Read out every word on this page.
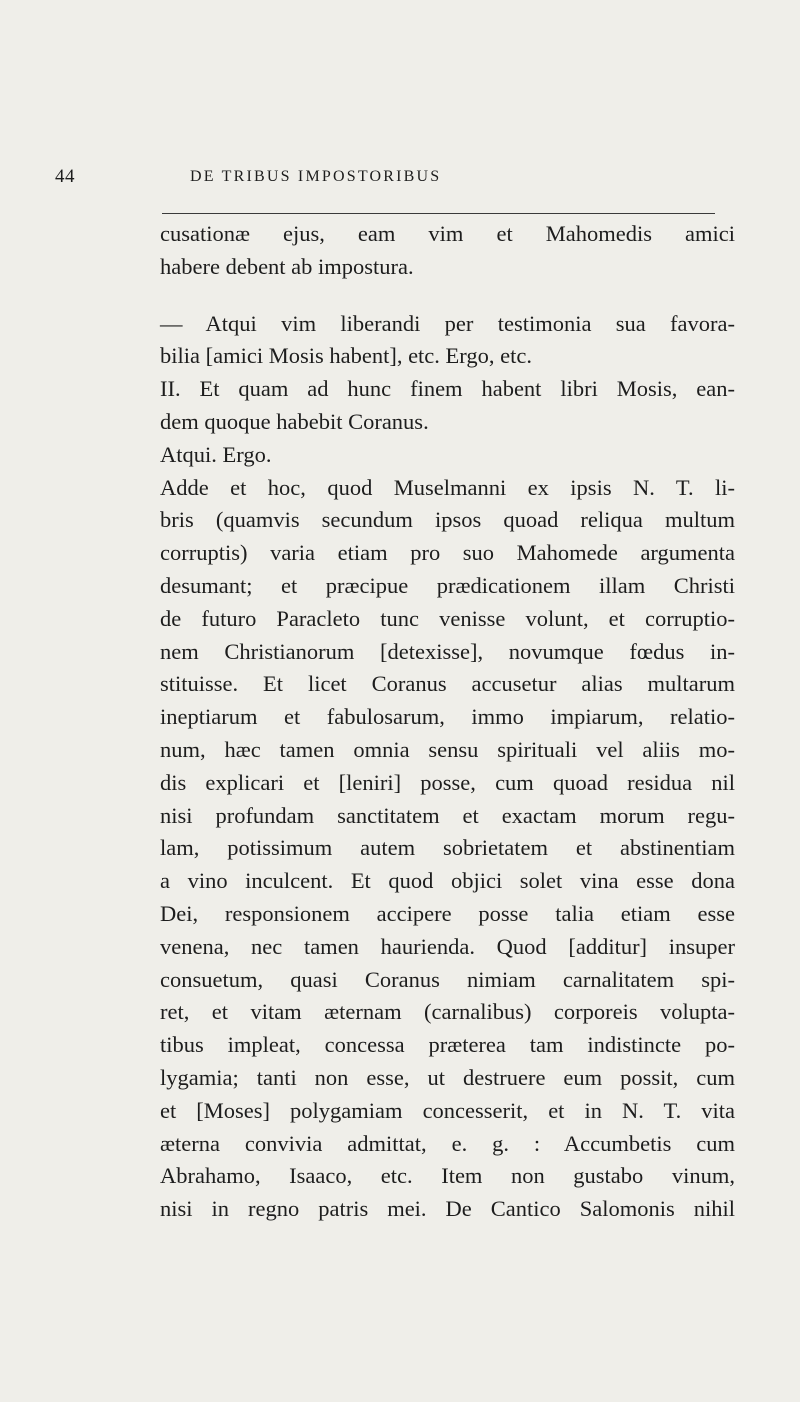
44	DE TRIBUS IMPOSTORIBUS
cusationæ ejus, eam vim et Mahomedis amici
habere debent ab impostura.
— Atqui vim liberandi per testimonia sua favora-
bilia [amici Mosis habent], etc. Ergo, etc.
II. Et quam ad hunc finem habent libri Mosis, ean-
dem quoque habebit Coranus.
Atqui. Ergo.
Adde et hoc, quod Muselmanni ex ipsis N. T. li-
bris (quamvis secundum ipsos quoad reliqua multum
corruptis) varia etiam pro suo Mahomede argumenta
desumant; et præcipue prædicationem illam Christi
de futuro Paracleto tunc venisse volunt, et corruptio-
nem Christianorum [detexisse], novumque fœdus in-
stituisse. Et licet Coranus accusetur alias multarum
ineptiarum et fabulosarum, immo impiarum, relatio-
num, hæc tamen omnia sensu spirituali vel aliis mo-
dis explicari et [leniri] posse, cum quoad residua nil
nisi profundam sanctitatem et exactam morum regu-
lam, potissimum autem sobrietatem et abstinentiam
a vino inculcent. Et quod objici solet vina esse dona
Dei, responsionem accipere posse talia etiam esse
venena, nec tamen haurienda. Quod [additur] insuper
consuetum, quasi Coranus nimiam carnalitatem spi-
ret, et vitam æternam (carnalibus) corporeis volupta-
tibus impleat, concessa præterea tam indistincte po-
lygamia; tanti non esse, ut destruere eum possit, cum
et [Moses] polygamiam concesserit, et in N. T. vita
æterna convivia admittat, e. g. : Accumbetis cum
Abrahamo, Isaaco, etc. Item non gustabo vinum,
nisi in regno patris mei. De Cantico Salomonis nihil
